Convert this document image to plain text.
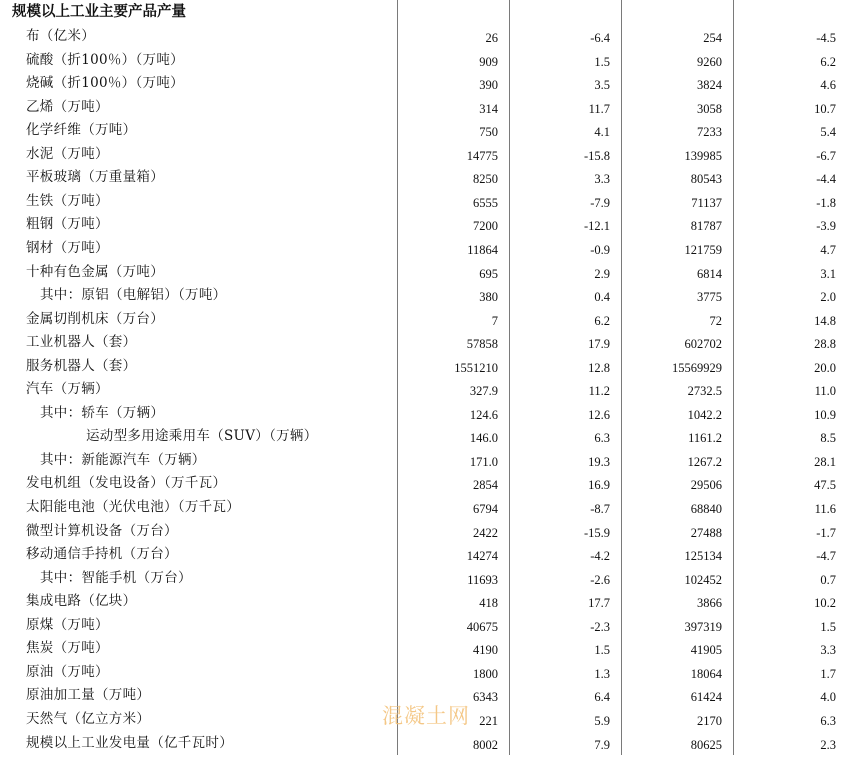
规模以上工业主要产品产量
布（亿米）	26	-6.4	254	-4.5
硫酸（折100％）（万吨）	909	1.5	9260	6.2
烧碱（折100％）（万吨）	390	3.5	3824	4.6
乙烯（万吨）	314	11.7	3058	10.7
化学纤维（万吨）	750	4.1	7233	5.4
水泥（万吨）	14775	-15.8	139985	-6.7
平板玻璃（万重量箱）	8250	3.3	80543	-4.4
生铁（万吨）	6555	-7.9	71137	-1.8
粗钢（万吨）	7200	-12.1	81787	-3.9
钢材（万吨）	11864	-0.9	121759	4.7
十种有色金属（万吨）	695	2.9	6814	3.1
其中：原铝（电解铝）（万吨）	380	0.4	3775	2.0
金属切削机床（万台）	7	6.2	72	14.8
工业机器人（套）	57858	17.9	602702	28.8
服务机器人（套）	1551210	12.8	15569929	20.0
汽车（万辆）	327.9	11.2	2732.5	11.0
其中：轿车（万辆）	124.6	12.6	1042.2	10.9
运动型多用途乘用车（SUV）（万辆）	146.0	6.3	1161.2	8.5
其中：新能源汽车（万辆）	171.0	19.3	1267.2	28.1
发电机组（发电设备）（万千瓦）	2854	16.9	29506	47.5
太阳能电池（光伏电池）（万千瓦）	6794	-8.7	68840	11.6
微型计算机设备（万台）	2422	-15.9	27488	-1.7
移动通信手持机（万台）	14274	-4.2	125134	-4.7
其中：智能手机（万台）	11693	-2.6	102452	0.7
集成电路（亿块）	418	17.7	3866	10.2
原煤（万吨）	40675	-2.3	397319	1.5
焦炭（万吨）	4190	1.5	41905	3.3
原油（万吨）	1800	1.3	18064	1.7
原油加工量（万吨）	6343	6.4	61424	4.0
天然气（亿立方米）	221	5.9	2170	6.3
规模以上工业发电量（亿千瓦时）	8002	7.9	80625	2.3
混凝土网
